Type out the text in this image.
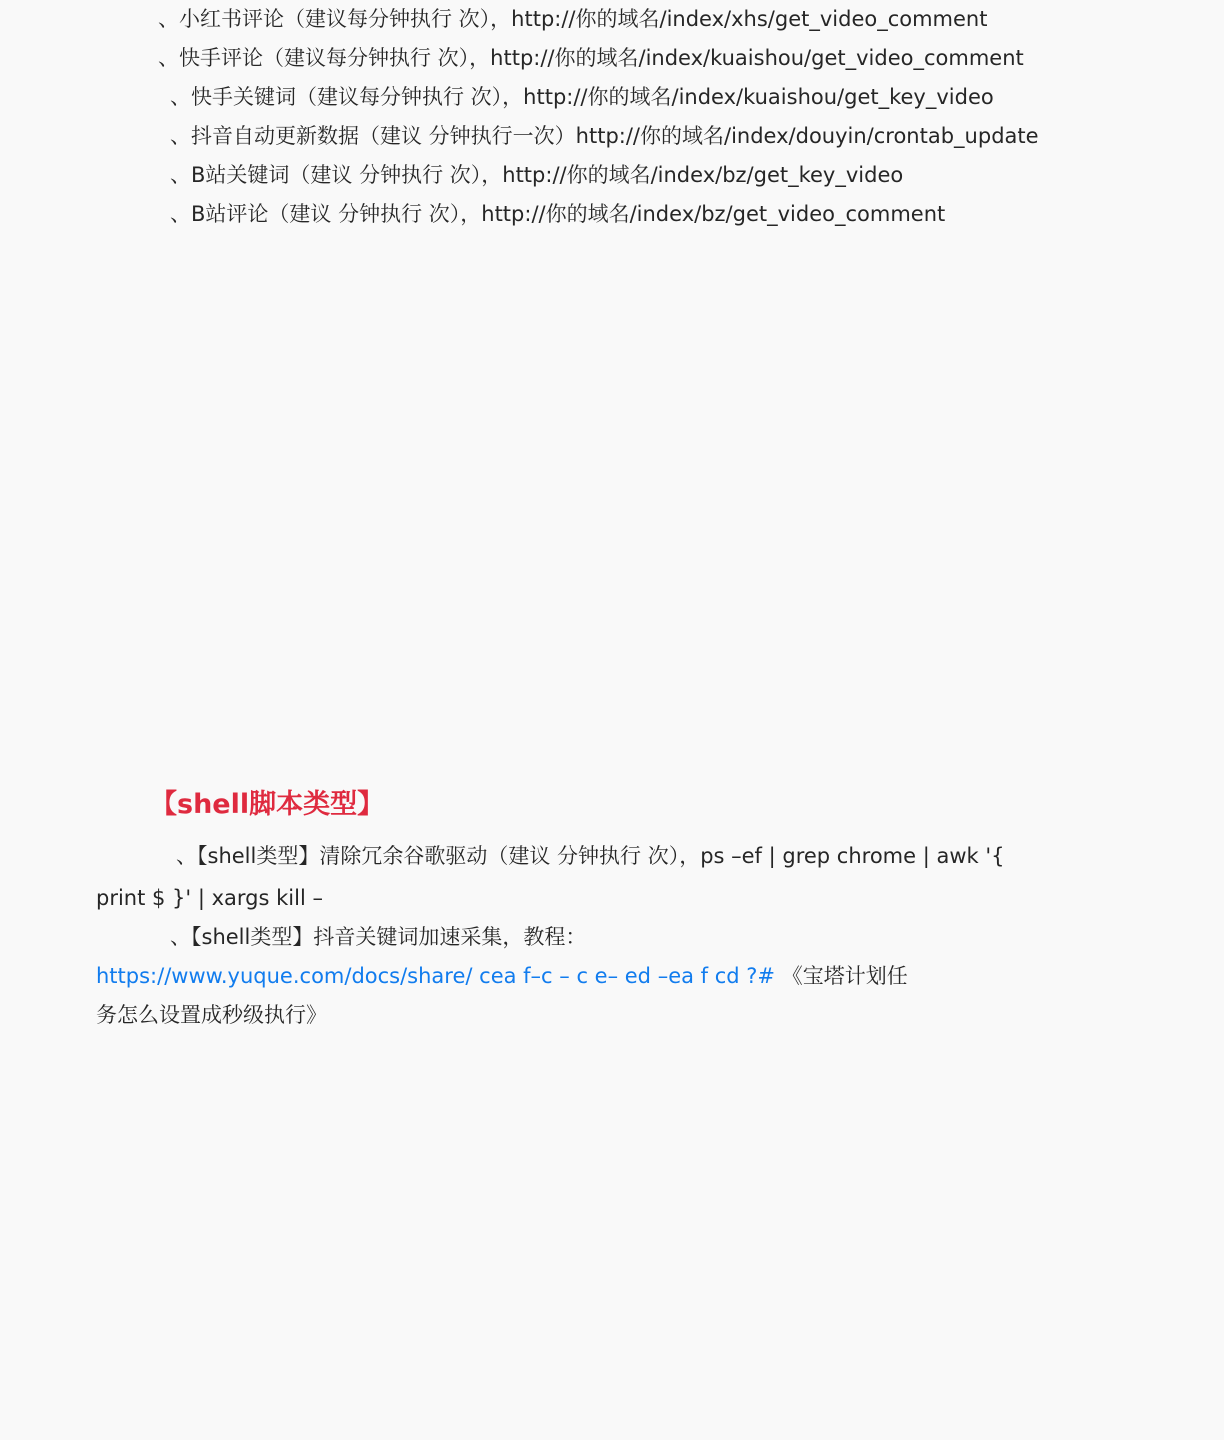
、小红书评论（建议每分钟执行 次），http://你的域名/index/xhs/get_video_comment

、快手评论（建议每分钟执行 次），http://你的域名/index/kuaishou/get_video_comment

、快手关键词（建议每分钟执行 次），http://你的域名/index/kuaishou/get_key_video

、抖音自动更新数据（建议 分钟执行一次）http://你的域名/index/douyin/crontab_update

、B站关键词（建议 分钟执行 次），http://你的域名/index/bz/get_key_video

、B站评论（建议 分钟执行 次），http://你的域名/index/bz/get_video_comment

【shell脚本类型】

、【shell类型】清除冗余谷歌驱动（建议 分钟执行 次），ps –ef | grep chrome | awk '{

print $ }' | xargs kill –

、【shell类型】抖音关键词加速采集，教程：

https://www.yuque.com/docs/share/ cea f–c – c e– ed –ea f cd ?# 《宝塔计划任

务怎么设置成秒级执行》
